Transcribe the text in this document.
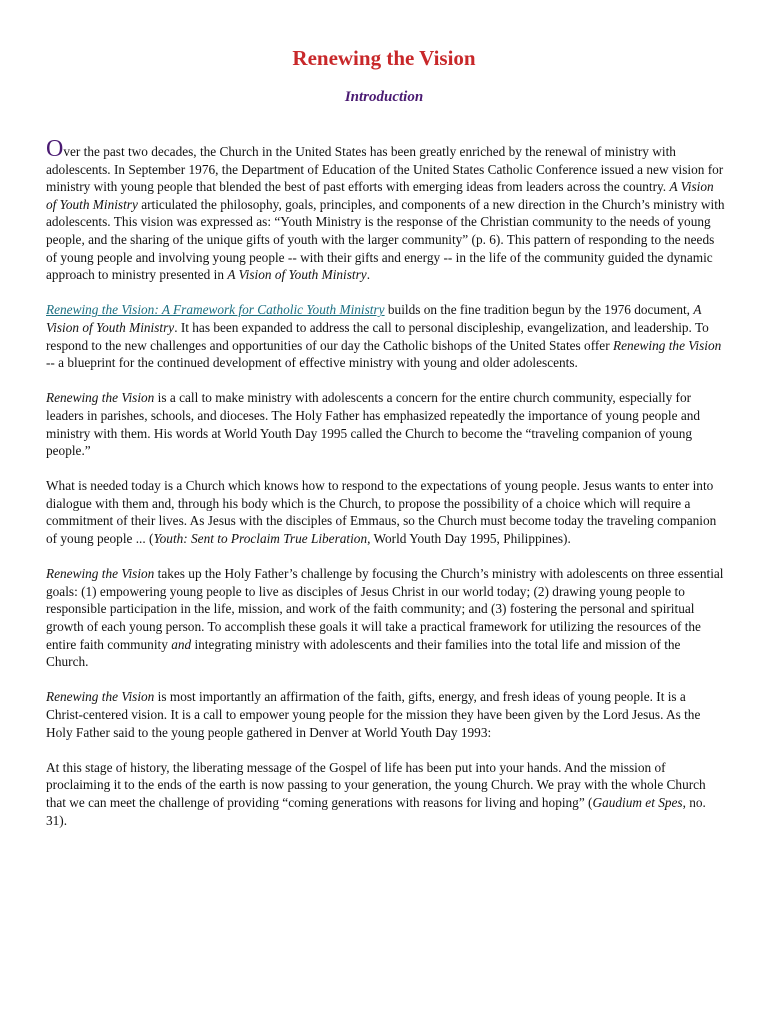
Renewing the Vision
Introduction

Over the past two decades, the Church in the United States has been greatly enriched by the renewal of ministry with adolescents. In September 1976, the Department of Education of the United States Catholic Conference issued a new vision for ministry with young people that blended the best of past efforts with emerging ideas from leaders across the country. A Vision of Youth Ministry articulated the philosophy, goals, principles, and components of a new direction in the Church’s ministry with adolescents. This vision was expressed as: “Youth Ministry is the response of the Christian community to the needs of young people, and the sharing of the unique gifts of youth with the larger community” (p. 6). This pattern of responding to the needs of young people and involving young people -- with their gifts and energy -- in the life of the community guided the dynamic approach to ministry presented in A Vision of Youth Ministry.

Renewing the Vision: A Framework for Catholic Youth Ministry builds on the fine tradition begun by the 1976 document, A Vision of Youth Ministry. It has been expanded to address the call to personal discipleship, evangelization, and leadership. To respond to the new challenges and opportunities of our day the Catholic bishops of the United States offer Renewing the Vision -- a blueprint for the continued development of effective ministry with young and older adolescents.

Renewing the Vision is a call to make ministry with adolescents a concern for the entire church community, especially for leaders in parishes, schools, and dioceses. The Holy Father has emphasized repeatedly the importance of young people and ministry with them. His words at World Youth Day 1995 called the Church to become the “traveling companion of young people.”

What is needed today is a Church which knows how to respond to the expectations of young people. Jesus wants to enter into dialogue with them and, through his body which is the Church, to propose the possibility of a choice which will require a commitment of their lives. As Jesus with the disciples of Emmaus, so the Church must become today the traveling companion of young people ... (Youth: Sent to Proclaim True Liberation, World Youth Day 1995, Philippines).

Renewing the Vision takes up the Holy Father’s challenge by focusing the Church’s ministry with adolescents on three essential goals: (1) empowering young people to live as disciples of Jesus Christ in our world today; (2) drawing young people to responsible participation in the life, mission, and work of the faith community; and (3) fostering the personal and spiritual growth of each young person. To accomplish these goals it will take a practical framework for utilizing the resources of the entire faith community and integrating ministry with adolescents and their families into the total life and mission of the Church.

Renewing the Vision is most importantly an affirmation of the faith, gifts, energy, and fresh ideas of young people. It is a Christ-centered vision. It is a call to empower young people for the mission they have been given by the Lord Jesus. As the Holy Father said to the young people gathered in Denver at World Youth Day 1993:

At this stage of history, the liberating message of the Gospel of life has been put into your hands. And the mission of proclaiming it to the ends of the earth is now passing to your generation, the young Church. We pray with the whole Church that we can meet the challenge of providing “coming generations with reasons for living and hoping” (Gaudium et Spes, no. 31).
